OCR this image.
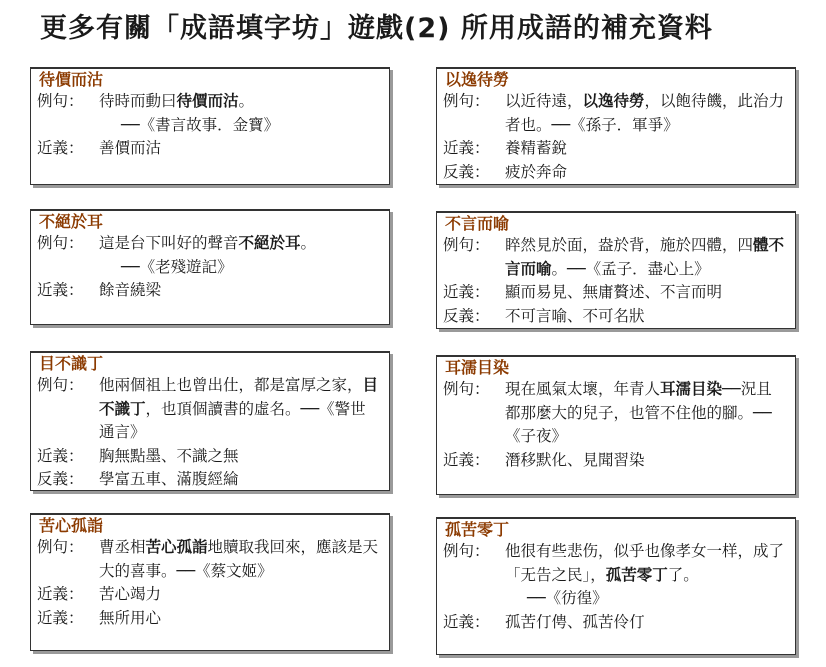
更多有關「成語填字坊」遊戲(2) 所用成語的補充資料
待價而沽
例句： 待時而動曰待價而沽。
──《書言故事．金寶》
近義： 善價而沽
以逸待勞
例句： 以近待遠，以逸待勞，以飽待饑，此治力者也。──《孫子．軍爭》
近義： 養精蓄銳
反義： 疲於奔命
不絕於耳
例句： 這是台下叫好的聲音不絕於耳。
──《老殘遊記》
近義： 餘音繞梁
不言而喻
例句： 睟然見於面，盎於背，施於四體，四體不言而喻。──《孟子．盡心上》
近義： 顯而易見、無庸贅述、不言而明
反義： 不可言喻、不可名狀
目不識丁
例句： 他兩個祖上也曾出仕，都是富厚之家，目不識丁，也頂個讀書的虛名。──《警世通言》
近義： 胸無點墨、不識之無
反義： 學富五車、滿腹經綸
耳濡目染
例句： 現在風氣太壞，年青人耳濡目染──況且都那麼大的兒子，也管不住他的腳。──《子夜》
近義： 潛移默化、見聞習染
苦心孤詣
例句： 曹丞相苦心孤詣地贖取我回來，應該是天大的喜事。──《蔡文姬》
近義： 苦心竭力
近義： 無所用心
孤苦零丁
例句： 他很有些悲伤，似乎也像孝女一样，成了「无告之民」，孤苦零丁了。
──《彷徨》
近義： 孤苦仃俜、孤苦伶仃
